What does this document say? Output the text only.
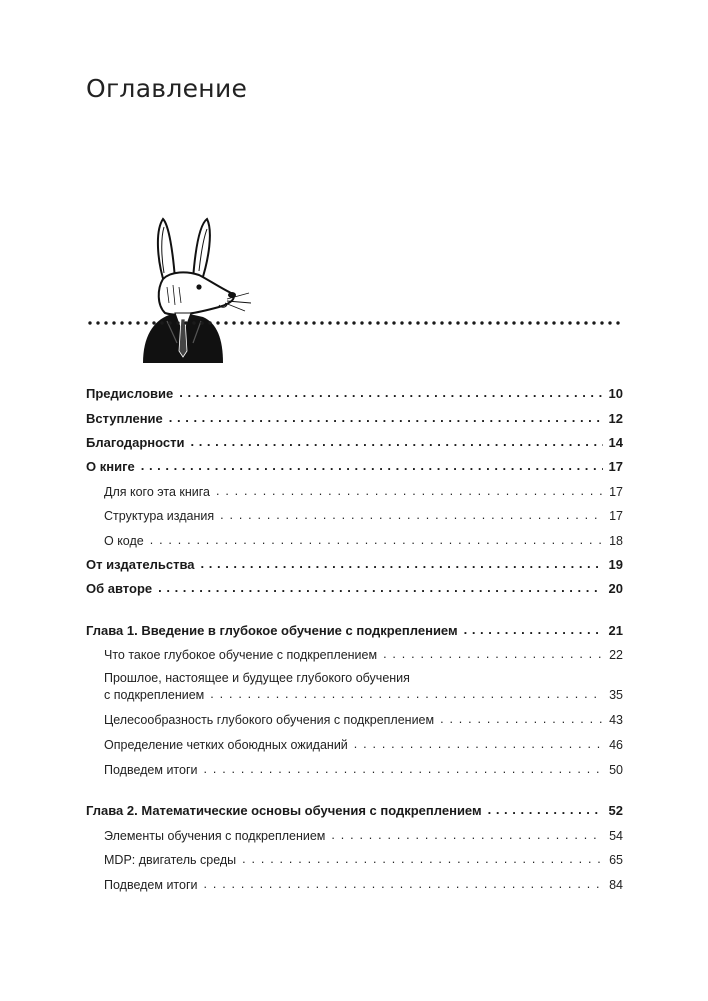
Оглавление
Предисловие . . .	10
Вступление . . .	12
Благодарности . . .	14
О книге . . .	17
Для кого эта книга . . .	17
Структура издания . . .	17
О коде . . .	18
От издательства . . .	19
Об авторе . . .	20
Глава 1. Введение в глубокое обучение с подкреплением . . .	21
Что такое глубокое обучение с подкреплением . . .	22
Прошлое, настоящее и будущее глубокого обучения
с подкреплением . . .	35
Целесообразность глубокого обучения с подкреплением . . .	43
Определение четких обоюдных ожиданий . . .	46
Подведем итоги . . .	50
Глава 2. Математические основы обучения с подкреплением . . .	52
Элементы обучения с подкреплением . . .	54
MDP: двигатель среды . . .	65
Подведем итоги . . .	84
